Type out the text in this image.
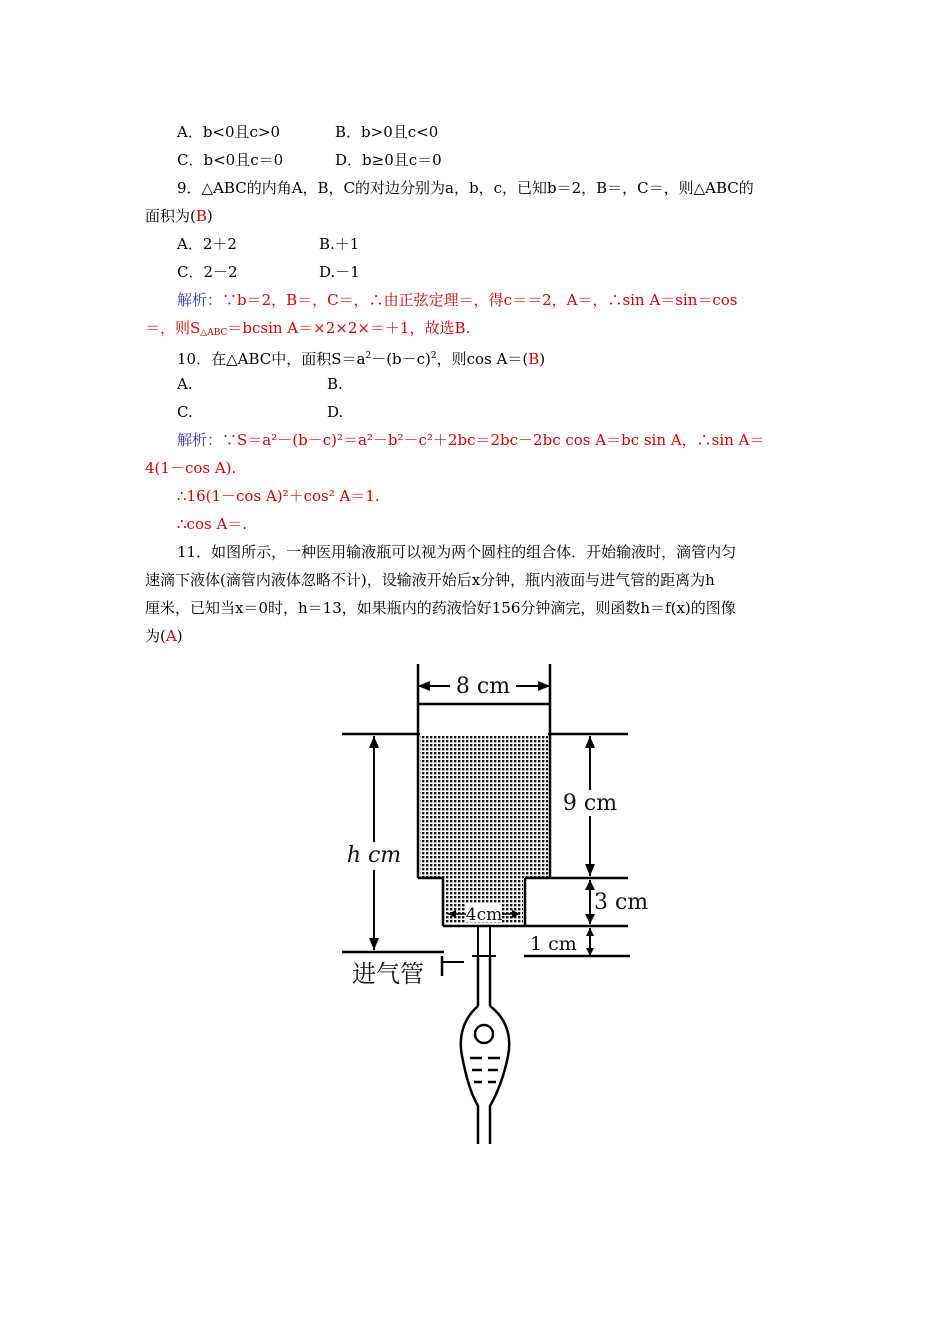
A．b<0且c>0	B．b>0且c<0
C．b<0且c＝0	D．b≥0且c＝0
9．△ABC的内角A，B，C的对边分别为a，b，c，已知b＝2，B＝，C＝，则△ABC的
面积为(B)
A．2＋2	B.＋1
C．2－2	D.－1
解析：∵b＝2，B＝，C＝，∴由正弦定理＝，得c＝＝2，A＝，∴sin A＝sin＝cos
＝，则$S_{\triangle ABC}=bcsin$ A＝×2×2×＝＋1，故选B.
10．在△ABC中，面积$S=a^2-(b-c)^2$，则cos A＝(B)
A.	B.
C.	D.
解析：∵S＝a²－(b－c)²＝a²－b²－c²＋2bc＝2bc－2bc cos A＝bc sin A，∴sin A＝
4(1－cos A).
∴16(1－cos A)²＋cos² A＝1.
∴cos A＝.
11．如图所示，一种医用输液瓶可以视为两个圆柱的组合体．开始输液时，滴管内匀
速滴下液体(滴管内液体忽略不计)，设输液开始后x分钟，瓶内液面与进气管的距离为h
厘米，已知当x＝0时，h＝13，如果瓶内的药液恰好156分钟滴完，则函数h＝f(x)的图像
为(A)
8 cm
4cm
9 cm
3 cm
1 cm
h cm
进气管
